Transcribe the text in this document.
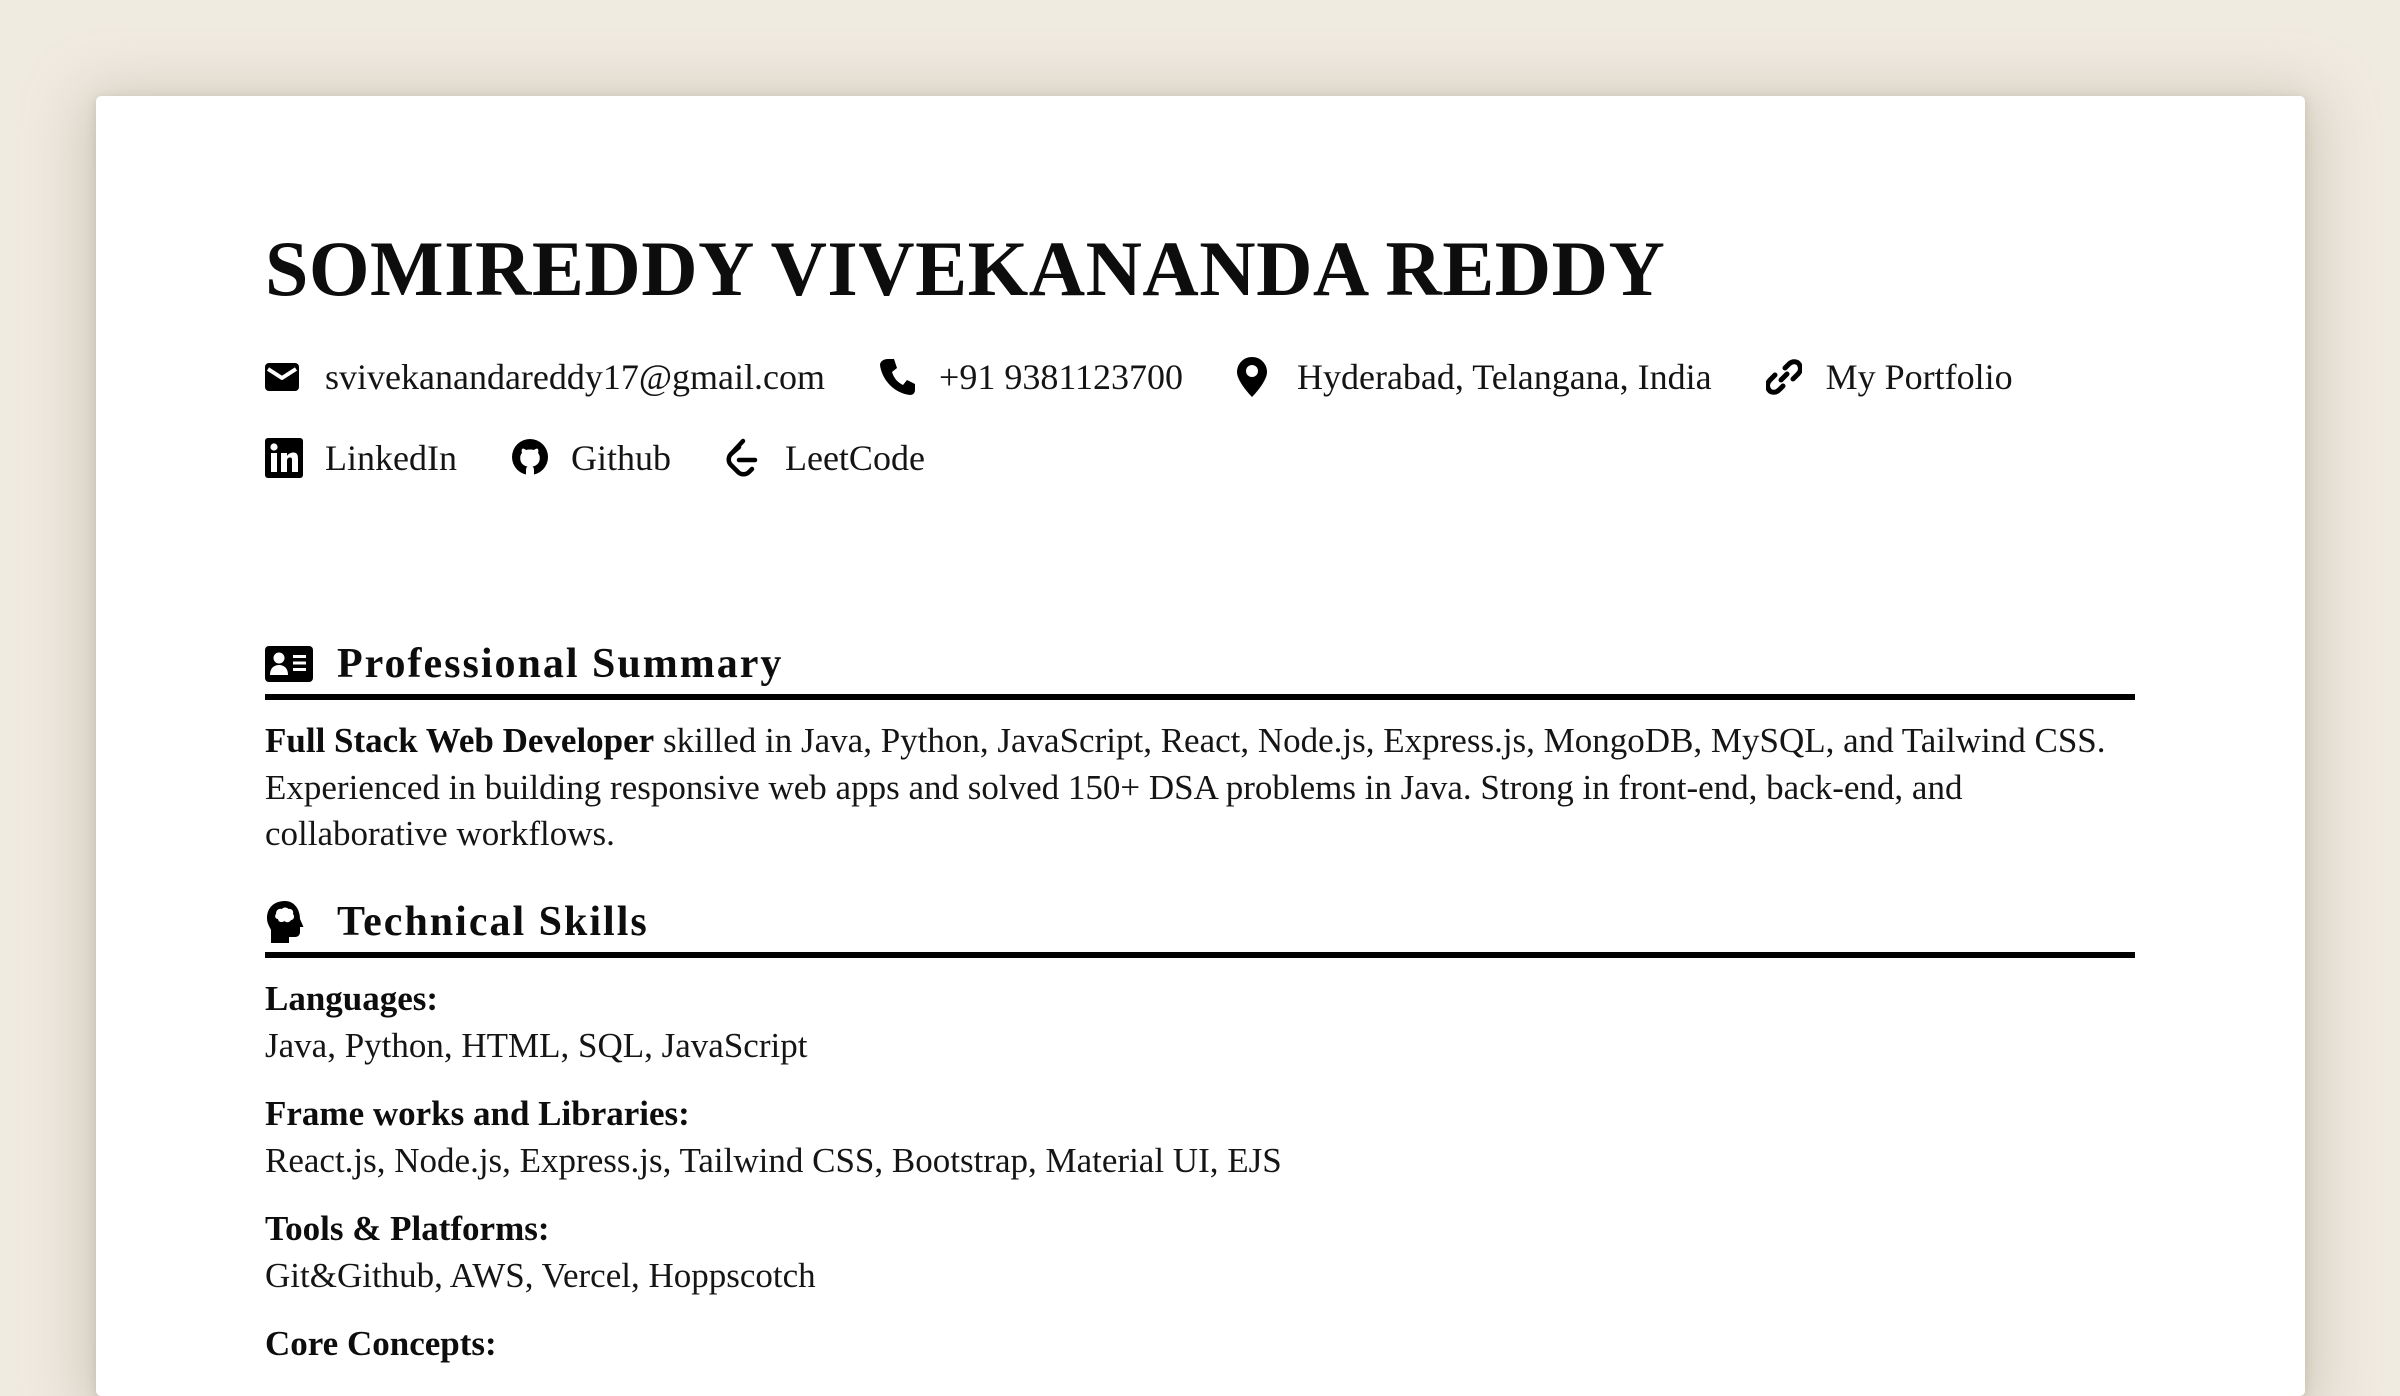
SOMIREDDY VIVEKANANDA REDDY
svivekanandareddy17@gmail.com	+91 9381123700	Hyderabad, Telangana, India	My Portfolio
LinkedIn	Github	LeetCode
Professional Summary

Full Stack Web Developer skilled in Java, Python, JavaScript, React, Node.js, Express.js, MongoDB, MySQL, and Tailwind CSS. Experienced in building responsive web apps and solved 150+ DSA problems in Java. Strong in front-end, back-end, and collaborative workflows.

Technical Skills
Languages:
Java, Python, HTML, SQL, JavaScript
Frame works and Libraries:
React.js, Node.js, Express.js, Tailwind CSS, Bootstrap, Material UI, EJS
Tools & Platforms:
Git&Github, AWS, Vercel, Hoppscotch
Core Concepts:
